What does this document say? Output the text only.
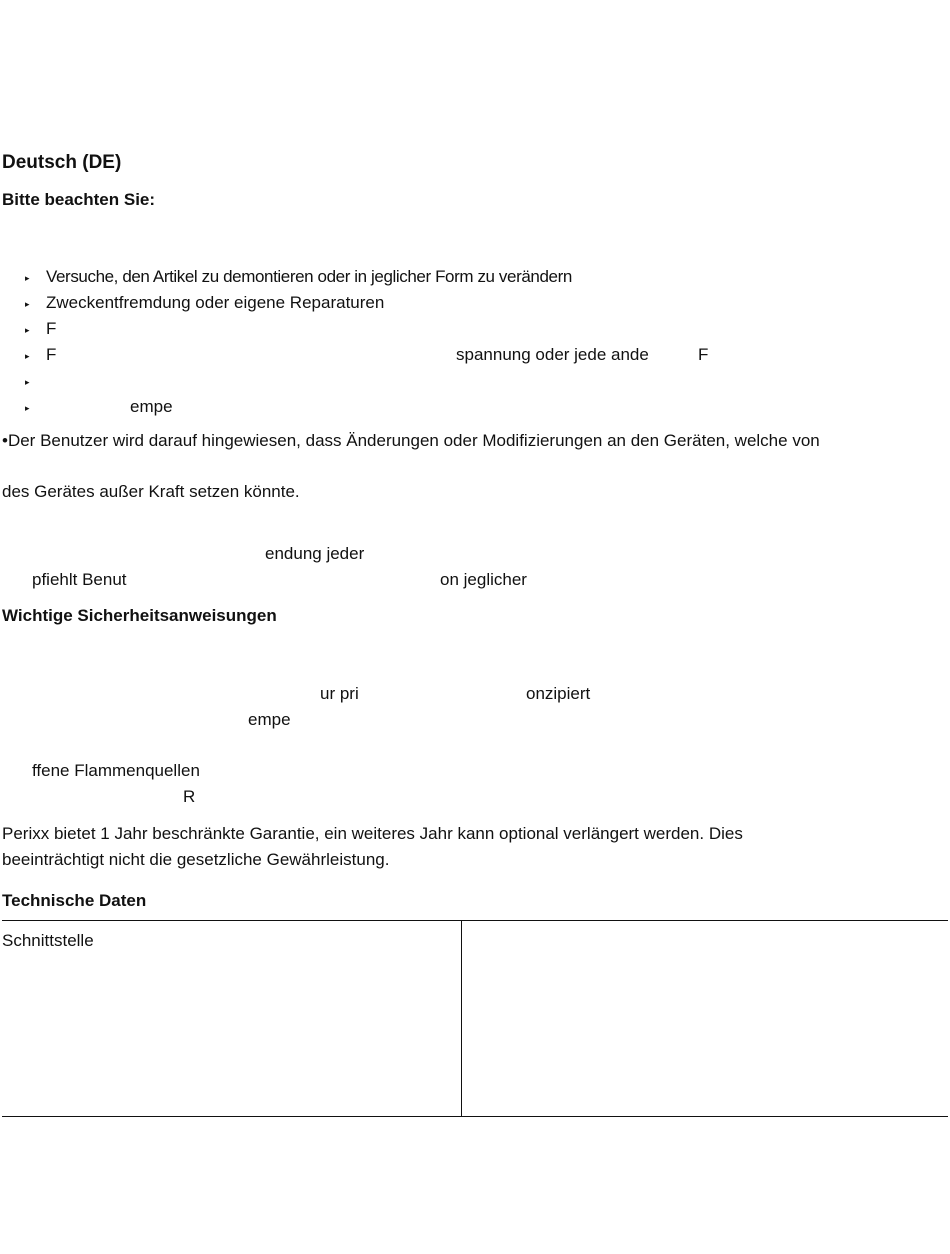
Deutsch (DE)
Bitte beachten Sie:
▸ Versuche, den Artikel zu demontieren oder in jeglicher Form zu verändern
▸ Zweckentfremdung oder eigene Reparaturen
▸ F
▸ F	spannung oder jede ande	F
▸
▸	empe
•Der Benutzer wird darauf hingewiesen, dass Änderungen oder Modifizierungen an den Geräten, welche von
des Gerätes außer Kraft setzen könnte.
endung jeder
pfiehlt Benut	on jeglicher
Wichtige Sicherheitsanweisungen
ur pri	onzipiert
empe
ffene Flammenquellen
R
Perixx bietet 1 Jahr beschränkte Garantie, ein weiteres Jahr kann optional verlängert werden. Dies
beeinträchtigt nicht die gesetzliche Gewährleistung.
Technische Daten
Schnittstelle
